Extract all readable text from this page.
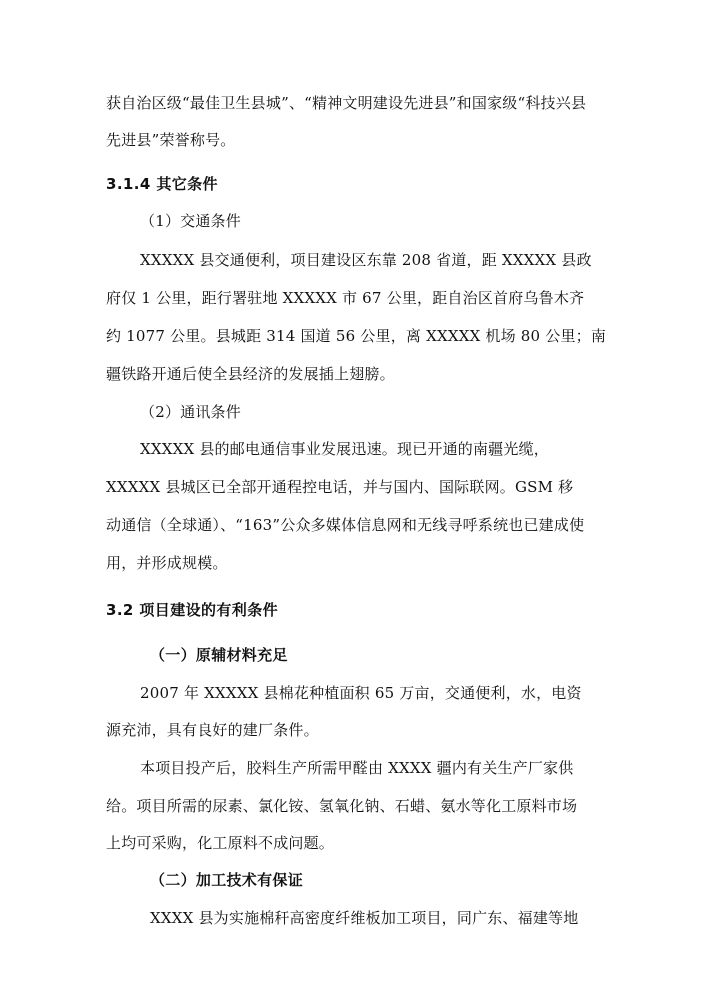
获自治区级“最佳卫生县城”、“精神文明建设先进县”和国家级“科技兴县
先进县”荣誉称号。
3.1.4 其它条件
（1）交通条件
XXXXX 县交通便利，项目建设区东靠 208 省道，距 XXXXX 县政
府仅 1 公里，距行署驻地 XXXXX 市 67 公里，距自治区首府乌鲁木齐
约 1077 公里。县城距 314 国道 56 公里，离 XXXXX 机场 80 公里；南
疆铁路开通后使全县经济的发展插上翅膀。
（2）通讯条件
XXXXX 县的邮电通信事业发展迅速。现已开通的南疆光缆，
XXXXX 县城区已全部开通程控电话，并与国内、国际联网。GSM 移
动通信（全球通）、“163”公众多媒体信息网和无线寻呼系统也已建成使
用，并形成规模。
3.2 项目建设的有利条件
（一）原辅材料充足
2007 年 XXXXX 县棉花种植面积 65 万亩，交通便利，水，电资
源充沛，具有良好的建厂条件。
本项目投产后，胶料生产所需甲醛由 XXXX 疆内有关生产厂家供
给。项目所需的尿素、氯化铵、氢氧化钠、石蜡、氨水等化工原料市场
上均可采购，化工原料不成问题。
（二）加工技术有保证
XXXX 县为实施棉秆高密度纤维板加工项目，同广东、福建等地
